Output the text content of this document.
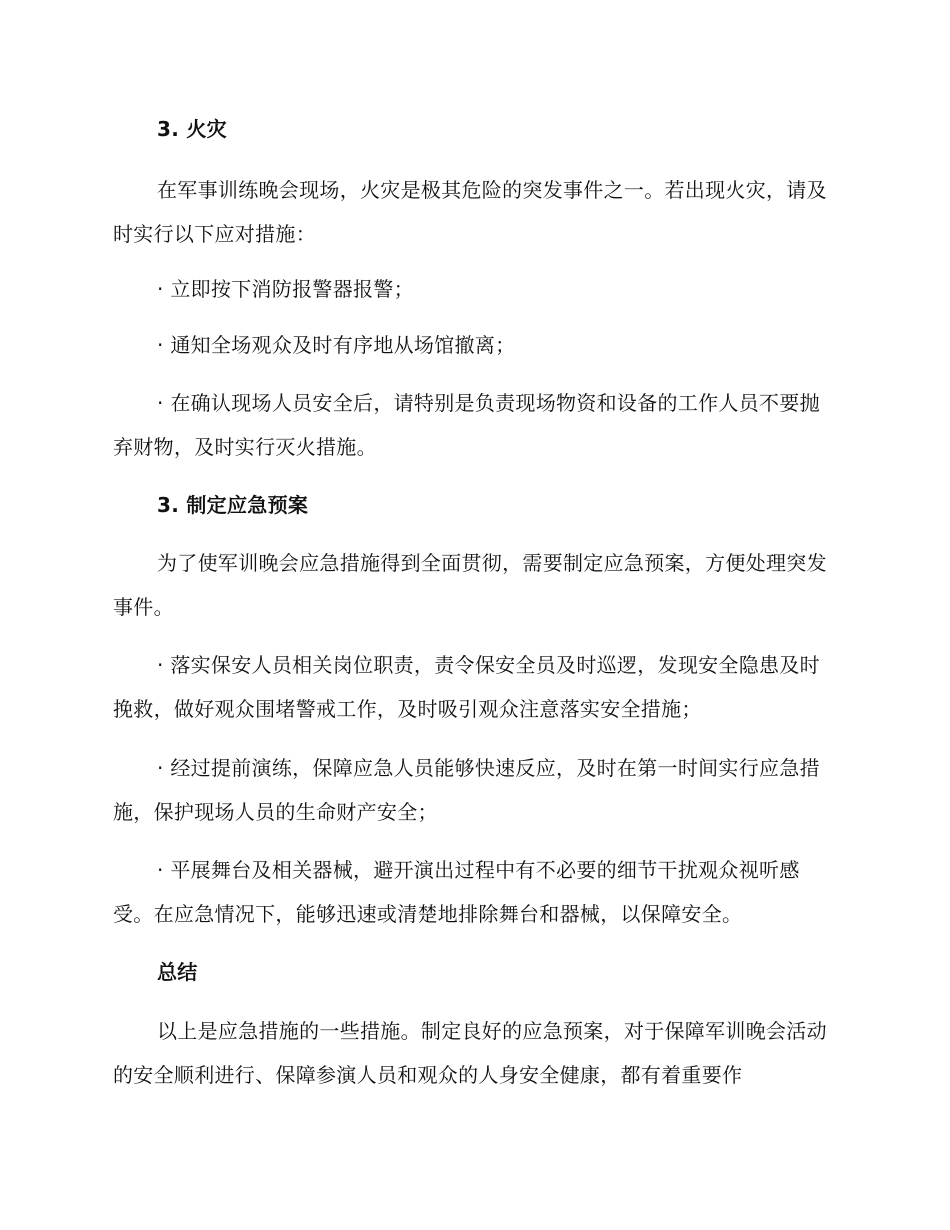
3. 火灾

在军事训练晚会现场，火灾是极其危险的突发事件之一。若出现火灾，请及时实行以下应对措施：

· 立即按下消防报警器报警；

· 通知全场观众及时有序地从场馆撤离；

· 在确认现场人员安全后，请特别是负责现场物资和设备的工作人员不要抛弃财物，及时实行灭火措施。

3. 制定应急预案

为了使军训晚会应急措施得到全面贯彻，需要制定应急预案，方便处理突发事件。

· 落实保安人员相关岗位职责，责令保安全员及时巡逻，发现安全隐患及时挽救，做好观众围堵警戒工作，及时吸引观众注意落实安全措施；

· 经过提前演练，保障应急人员能够快速反应，及时在第一时间实行应急措施，保护现场人员的生命财产安全；

· 平展舞台及相关器械，避开演出过程中有不必要的细节干扰观众视听感受。在应急情况下，能够迅速或清楚地排除舞台和器械，以保障安全。

总结

以上是应急措施的一些措施。制定良好的应急预案，对于保障军训晚会活动的安全顺利进行、保障参演人员和观众的人身安全健康，都有着重要作
